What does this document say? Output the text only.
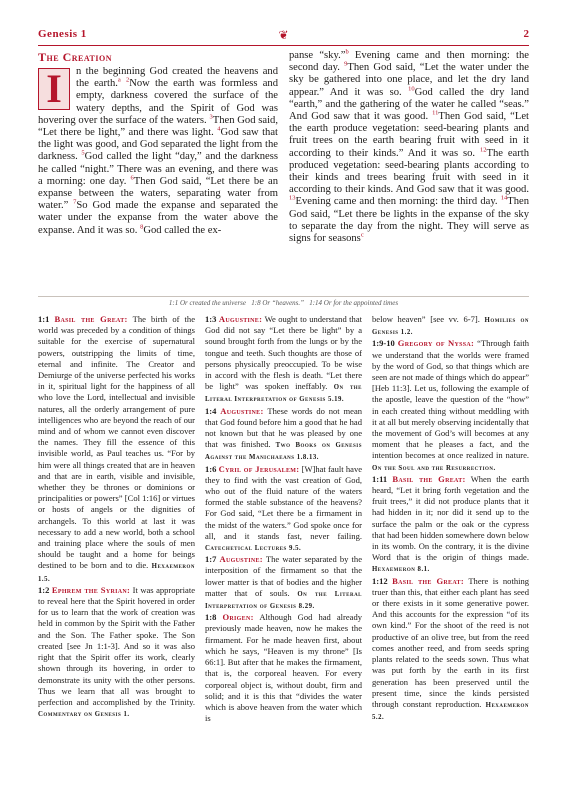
Genesis 1	❦	2
The Creation
I	n the beginning God created the heavens and the earth.$^a$ $^2$Now the earth was formless and empty, darkness covered the surface of the watery depths, and the Spirit of God was hovering over the surface of the waters. $^3$Then God said, “Let there be light,” and there was light. $^4$God saw that the light was good, and God separated the light from the darkness. $^5$God called the light “day,” and the darkness he called “night.” There was an evening, and there was a morning: one day. $^6$Then God said, “Let there be an expanse between the waters, separating water from water.” $^7$So God made the expanse and separated the water under the expanse from the water above the expanse. And it was so. $^8$God called the ex-

panse “sky.”$^b$ Evening came and then morning: the second day. $^9$Then God said, “Let the water under the sky be gathered into one place, and let the dry land appear.” And it was so. $^{10}$God called the dry land “earth,” and the gathering of the water he called “seas.” And God saw that it was good. $^{11}$Then God said, “Let the earth produce vegetation: seed-bearing plants and fruit trees on the earth bearing fruit with seed in it according to their kinds.” And it was so. $^{12}$The earth produced vegetation: seed-bearing plants according to their kinds and trees bearing fruit with seed in it according to their kinds. And God saw that it was good. $^{13}$Evening came and then morning: the third day. $^{14}$Then God said, “Let there be lights in the expanse of the sky to separate the day from the night. They will serve as signs for seasons$^c$

1:1 Or created the universe 1:8 Or “heavens.” 1:14 Or for the appointed times

1:1 Basil the Great: The birth of the world was preceded by a condition of things suitable for the exercise of supernatural powers, outstripping the limits of time, eternal and infinite. The Creator and Demiurge of the universe perfected his works in it, spiritual light for the happiness of all who love the Lord, intellectual and invisible natures, all the orderly arrangement of pure intelligences who are beyond the reach of our mind and of whom we cannot even discover the names. They fill the essence of this invisible world, as Paul teaches us. “For by him were all things created that are in heaven and that are in earth, visible and invisible, whether they be thrones or dominions or principalities or powers” [Col 1:16] or virtues or hosts of angels or the dignities of archangels. To this world at last it was necessary to add a new world, both a school and training place where the souls of men should be taught and a home for beings destined to be born and to die. Hexaemeron 1.5.

1:2 Ephrem the Syrian: It was appropriate to reveal here that the Spirit hovered in order for us to learn that the work of creation was held in common by the Spirit with the Father and the Son. The Father spoke. The Son created [see Jn 1:1-3]. And so it was also right that the Spirit offer its work, clearly shown through its hovering, in order to demonstrate its unity with the other persons. Thus we learn that all was brought to perfection and accomplished by the Trinity. Commentary on Genesis 1.

1:3 Augustine: We ought to understand that God did not say “Let there be light” by a sound brought forth from the lungs or by the tongue and teeth. Such thoughts are those of persons physically preoccupied. To be wise in accord with the flesh is death. “Let there be light” was spoken ineffably. On the Literal Interpretation of Genesis 5.19.

1:4 Augustine: These words do not mean that God found before him a good that he had not known but that he was pleased by one that was finished. Two Books on Genesis Against the Manichaeans 1.8.13.

1:6 Cyril of Jerusalem: [W]hat fault have they to find with the vast creation of God, who out of the fluid nature of the waters formed the stable substance of the heavens? For God said, “Let there be a firmament in the midst of the waters.” God spoke once for all, and it stands fast, never failing. Catechetical Lectures 9.5.

1:7 Augustine: The water separated by the interposition of the firmament so that the lower matter is that of bodies and the higher matter that of souls. On the Literal Interpretation of Genesis 8.29.

1:8 Origen: Although God had already previously made heaven, now he makes the firmament. For he made heaven first, about which he says, “Heaven is my throne” [Is 66:1]. But after that he makes the firmament, that is, the corporeal heaven. For every corporeal object is, without doubt, firm and solid; and it is this that “divides the water which is above heaven from the water which is

below heaven” [see vv. 6-7]. Homilies on Genesis 1.2.

1:9-10 Gregory of Nyssa: “Through faith we understand that the worlds were framed by the word of God, so that things which are seen are not made of things which do appear” [Heb 11:3]. Let us, following the example of the apostle, leave the question of the “how” in each created thing without meddling with it at all but merely observing incidentally that the movement of God’s will becomes at any moment that he pleases a fact, and the intention becomes at once realized in nature. On the Soul and the Resurrection.

1:11 Basil the Great: When the earth heard, “Let it bring forth vegetation and the fruit trees,” it did not produce plants that it had hidden in it; nor did it send up to the surface the palm or the oak or the cypress that had been hidden somewhere down below in its womb. On the contrary, it is the divine Word that is the origin of things made. Hexaemeron 8.1.

1:12 Basil the Great: There is nothing truer than this, that either each plant has seed or there exists in it some generative power. And this accounts for the expression “of its own kind.” For the shoot of the reed is not productive of an olive tree, but from the reed comes another reed, and from seeds spring plants related to the seeds sown. Thus what was put forth by the earth in its first generation has been preserved until the present time, since the kinds persisted through constant reproduction. Hexaemeron 5.2.
